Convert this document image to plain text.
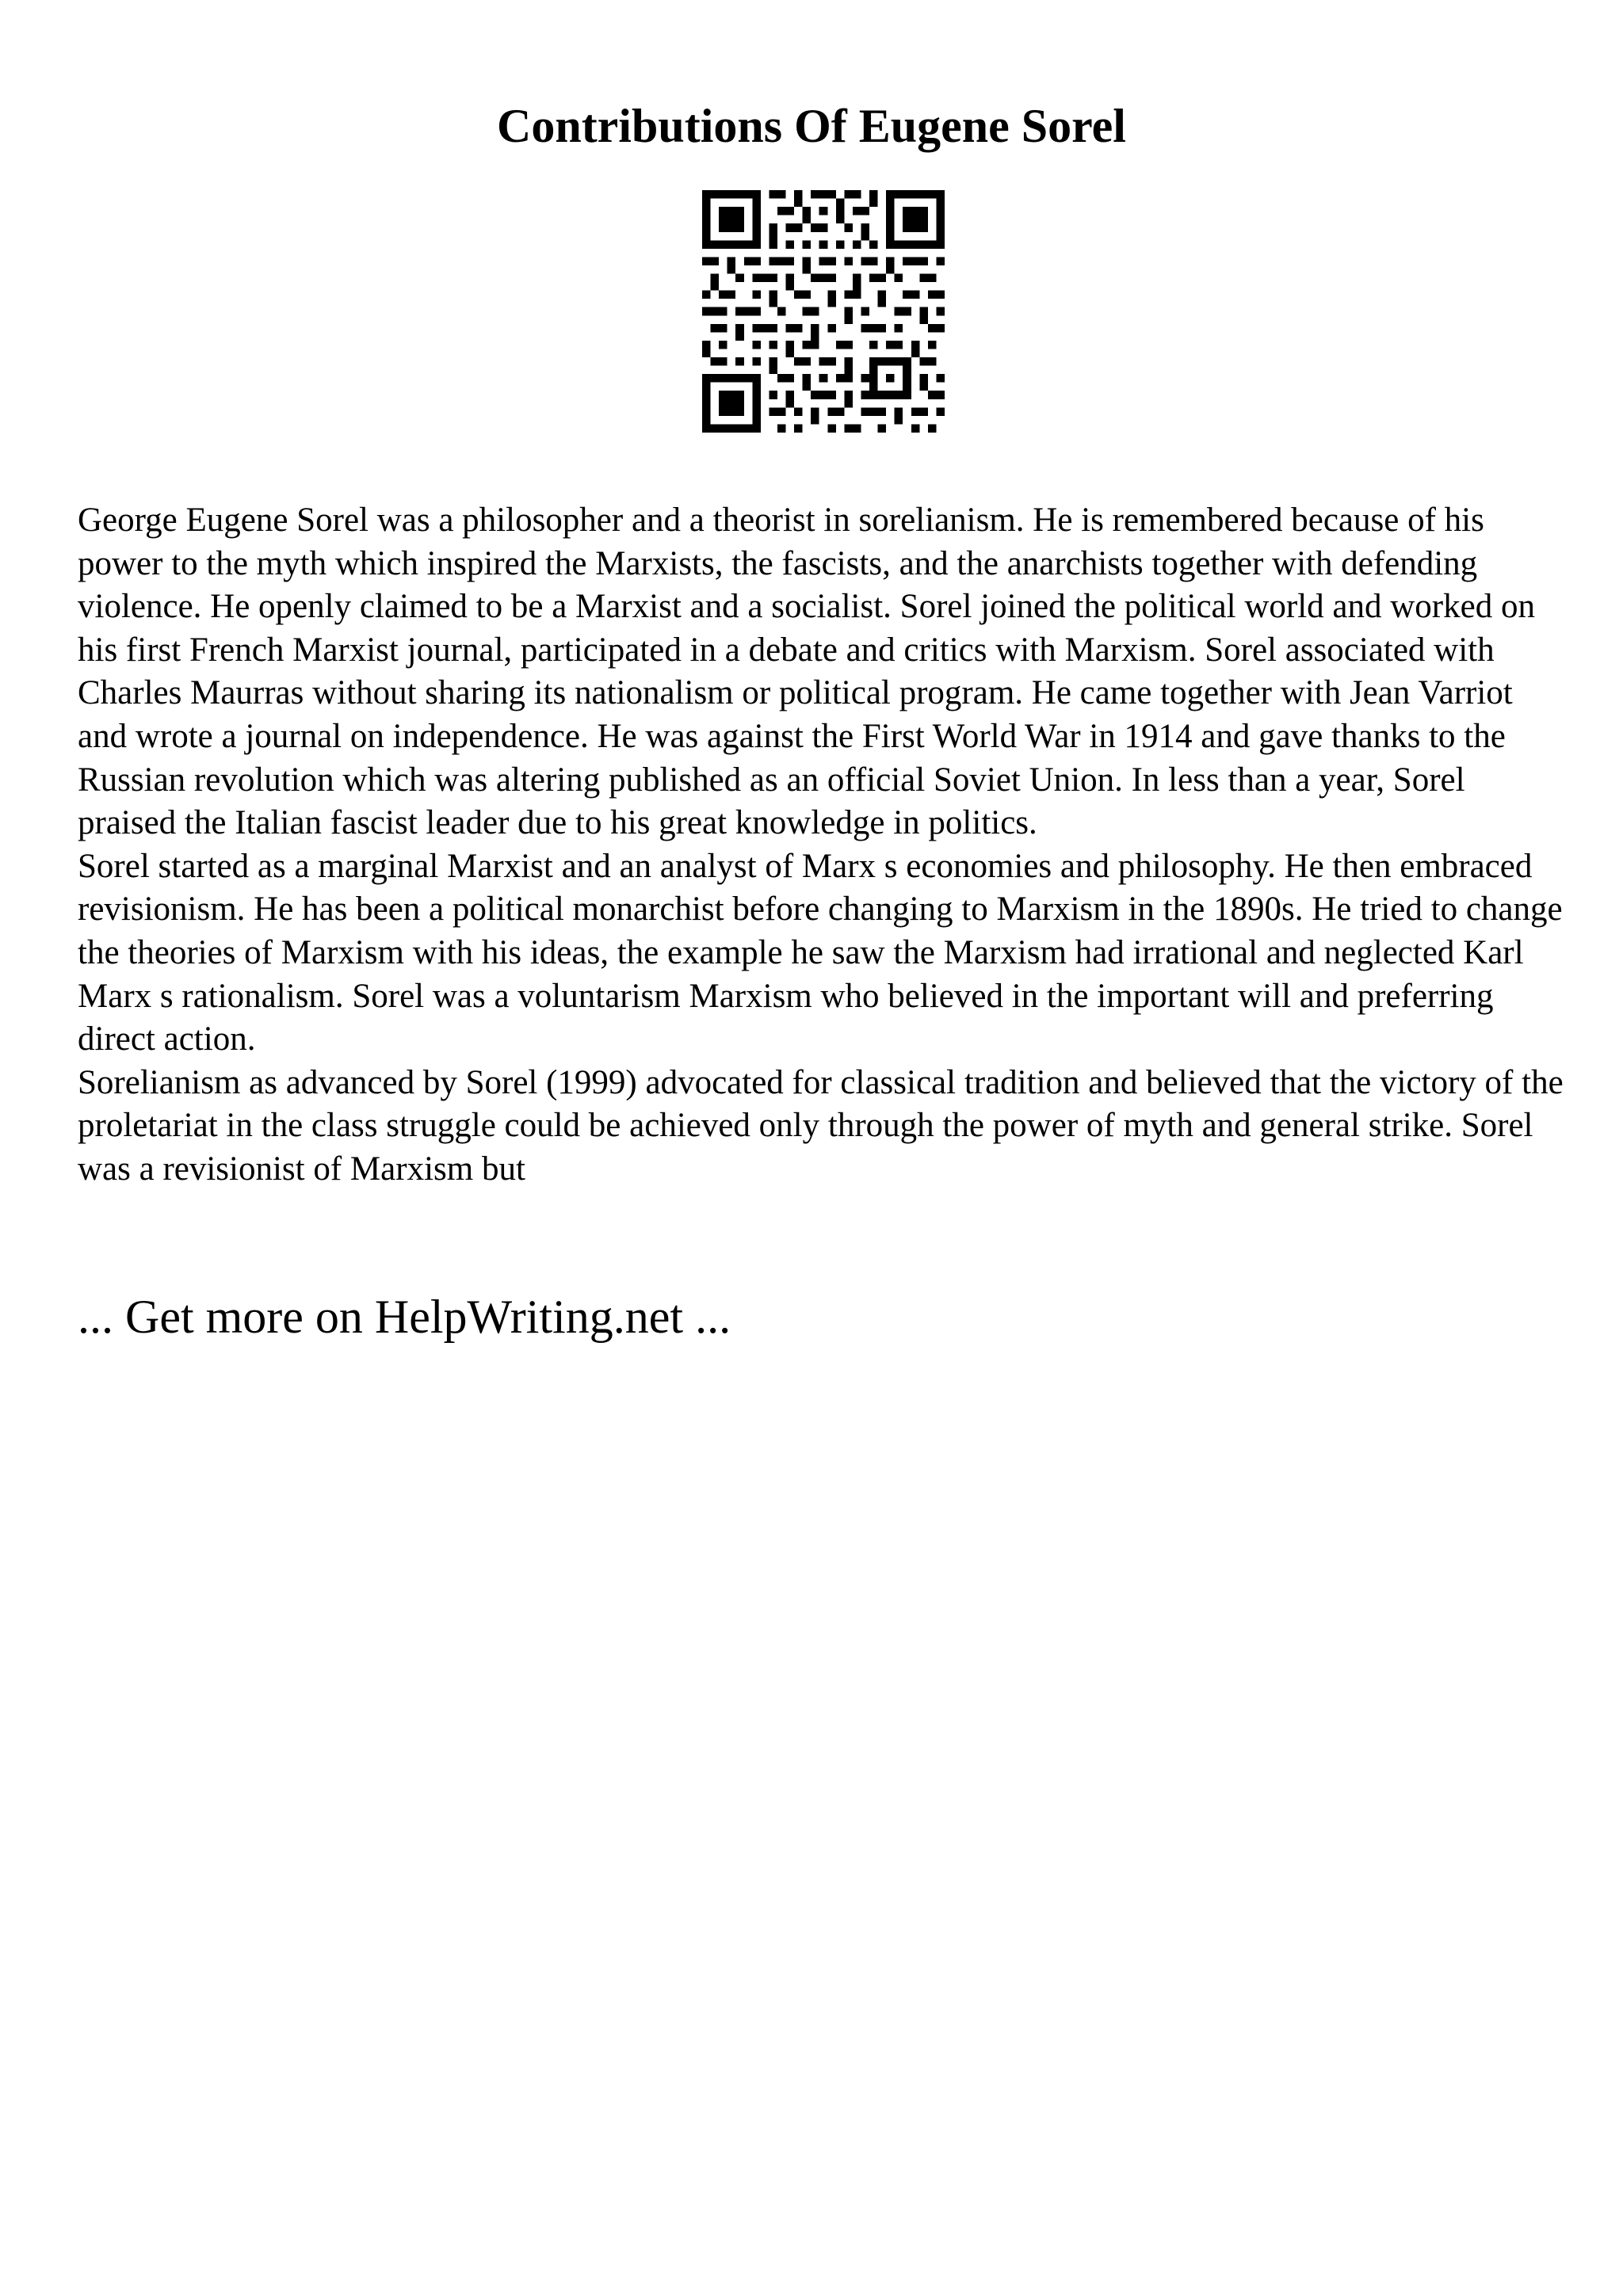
Contributions Of Eugene Sorel

George Eugene Sorel was a philosopher and a theorist in sorelianism. He is remembered because of his power to the myth which inspired the Marxists, the fascists, and the anarchists together with defending violence. He openly claimed to be a Marxist and a socialist. Sorel joined the political world and worked on his first French Marxist journal, participated in a debate and critics with Marxism. Sorel associated with Charles Maurras without sharing its nationalism or political program. He came together with Jean Varriot and wrote a journal on independence. He was against the First World War in 1914 and gave thanks to the Russian revolution which was altering published as an official Soviet Union. In less than a year, Sorel praised the Italian fascist leader due to his great knowledge in politics.

Sorel started as a marginal Marxist and an analyst of Marx s economies and philosophy. He then embraced revisionism. He has been a political monarchist before changing to Marxism in the 1890s. He tried to change the theories of Marxism with his ideas, the example he saw the Marxism had irrational and neglected Karl Marx s rationalism. Sorel was a voluntarism Marxism who believed in the important will and preferring direct action.

Sorelianism as advanced by Sorel (1999) advocated for classical tradition and believed that the victory of the proletariat in the class struggle could be achieved only through the power of myth and general strike. Sorel was a revisionist of Marxism but

... Get more on HelpWriting.net ...
